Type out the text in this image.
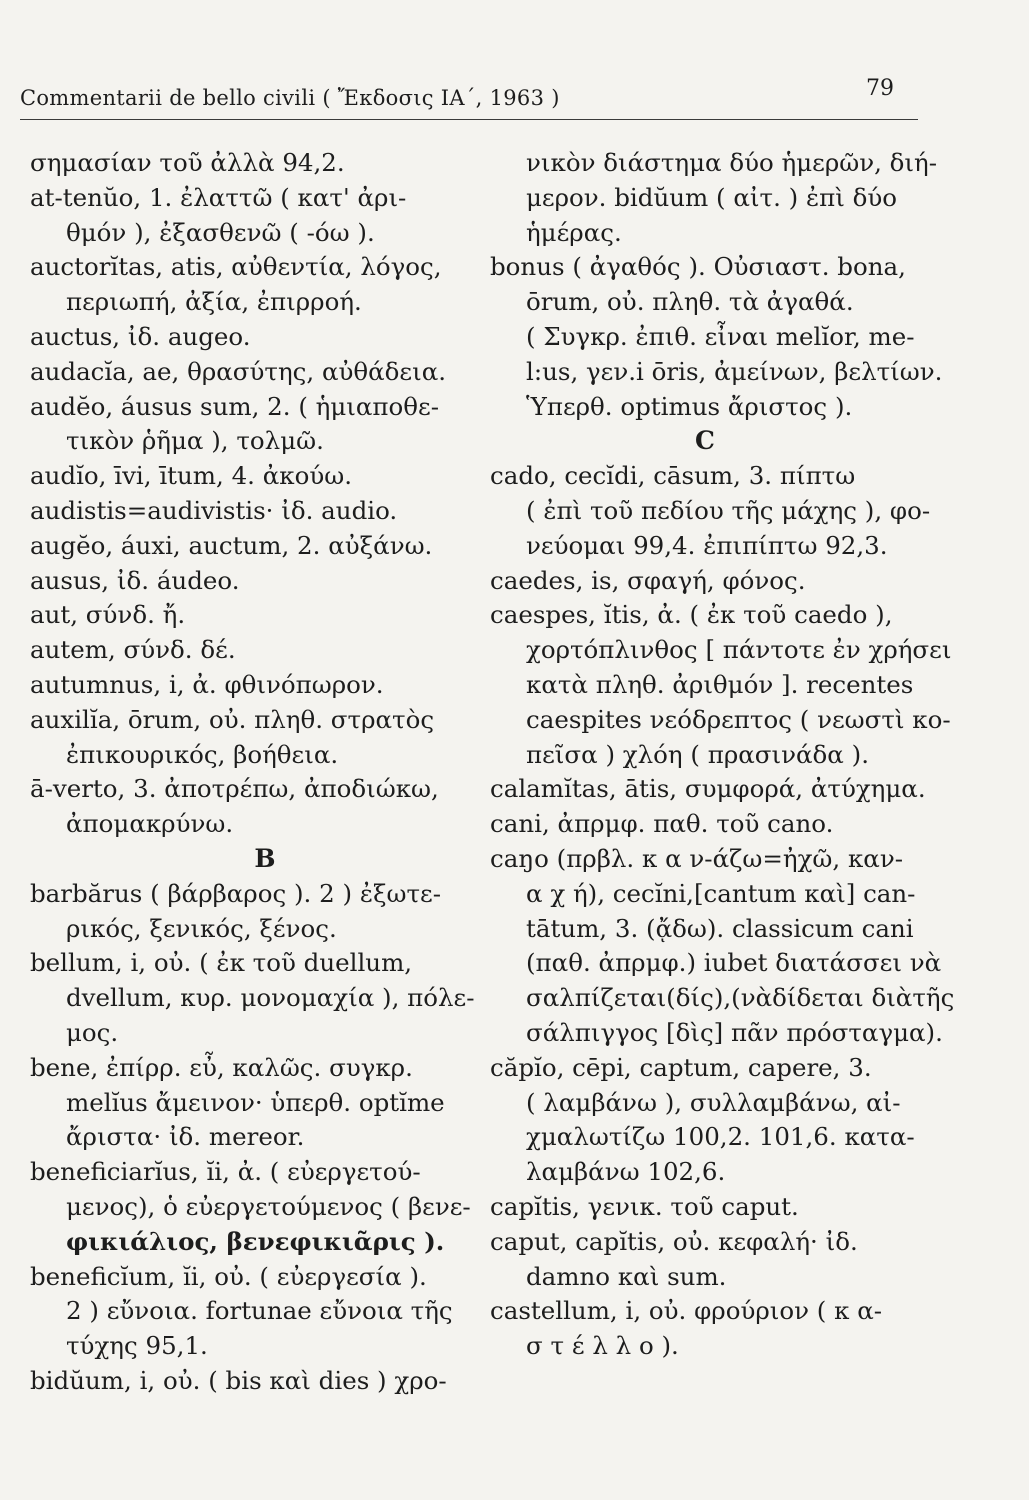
Commentarii de bello civili ( Ἔκδοσις ΙΑ΄, 1963 )	79
σημασίαν τοῦ ἀλλὰ 94,2.
at-tenŭo, 1. ἐλαττῶ ( κατ' ἀρι-
θμόν ), ἐξασθενῶ ( -όω ).
auctorĭtas, atis, αὐθεντία, λόγος,
περιωπή, ἀξία, ἐπιρροή.
auctus, ἰδ. augeo.
audacĭa, ae, θρασύτης, αὐθάδεια.
audĕo, áusus sum, 2. ( ἡμιαποθε-
τικὸν ῥῆμα ), τολμῶ.
audĭo, īvi, ītum, 4. ἀκούω.
audistis=audivistis· ἰδ. audio.
augĕo, áuxi, auctum, 2. αὐξάνω.
ausus, ἰδ. áudeo.
aut, σύνδ. ἤ.
autem, σύνδ. δέ.
autumnus, i, ἀ. φθινόπωρον.
auxilĭa, ōrum, οὐ. πληθ. στρατὸς
ἐπικουρικός, βοήθεια.
ā-verto, 3. ἀποτρέπω, ἀποδιώκω,
ἀπομακρύνω.
B
barbărus ( βάρβαρος ). 2 ) ἐξωτε-
ρικός, ξενικός, ξένος.
bellum, i, οὐ. ( ἐκ τοῦ duellum,
dvellum, κυρ. μονομαχία ), πόλε-
μος.
bene, ἐπίρρ. εὖ, καλῶς. συγκρ.
melĭus ἄμεινον· ὑπερθ. optĭme
ἄριστα· ἰδ. mereor.
beneficiarĭus, ĭi, ἀ. ( εὐεργετού-
μενος), ὁ εὐεργετούμενος ( βενε-
φικιάλιος, βενεφικιᾶρις ).
beneficĭum, ĭi, οὐ. ( εὐεργεσία ).
2 ) εὔνοια. fortunae εὔνοια τῆς
τύχης 95,1.
bidŭum, i, οὐ. ( bis καὶ dies ) χρο-
νικὸν διάστημα δύο ἡμερῶν, διή-
μερον. bidŭum ( αἰτ. ) ἐπὶ δύο
ἡμέρας.
bonus ( ἀγαθός ). Οὐσιαστ. bona,
ōrum, οὐ. πληθ. τὰ ἀγαθά.
( Συγκρ. ἐπιθ. εἶναι melĭor, me-
l:us, γεν.i ōris, ἀμείνων, βελτίων.
Ὑπερθ. optimus ἄριστος ).
C
cado, cecĭdi, cāsum, 3. πίπτω
( ἐπὶ τοῦ πεδίου τῆς μάχης ), φο-
νεύομαι 99,4. ἐπιπίπτω 92,3.
caedes, is, σφαγή, φόνος.
caespes, ĭtis, ἀ. ( ἐκ τοῦ caedo ),
χορτόπλινθος [ πάντοτε ἐν χρήσει
κατὰ πληθ. ἀριθμόν ]. recentes
caespites νεόδρεπτος ( νεωστὶ κο-
πεῖσα ) χλόη ( πρασινάδα ).
calamĭtas, ātis, συμφορά, ἀτύχημα.
cani, ἀπρμφ. παθ. τοῦ cano.
caŋo (πρβλ. κ α ν-άζω=ἠχῶ, καν-
α χ ή), cecĭni,[cantum καὶ] can-
tātum, 3. (ᾄδω). classicum cani
(παθ. ἀπρμφ.) iubet διατάσσει νὰ
σαλπίζεται(δίς),(νὰδίδεται διὰτῆς
σάλπιγγος [δὶς] πᾶν πρόσταγμα).
căpĭo, cēpi, captum, capere, 3.
( λαμβάνω ), συλλαμβάνω, αἰ-
χμαλωτίζω 100,2. 101,6. κατα-
λαμβάνω 102,6.
capĭtis, γενικ. τοῦ caput.
caput, capĭtis, οὐ. κεφαλή· ἰδ.
damno καὶ sum.
castellum, i, οὐ. φρούριον ( κ α-
σ τ έ λ λ ο ).
